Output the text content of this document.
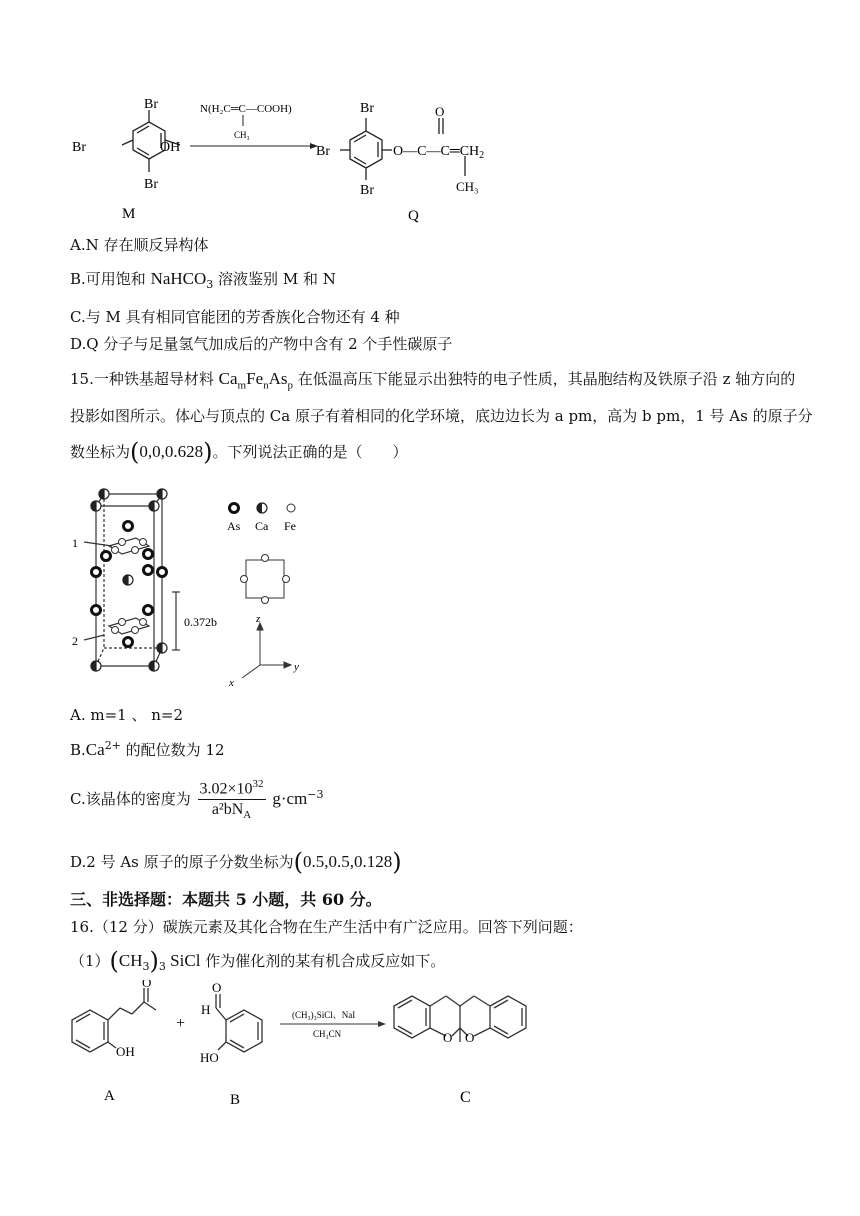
Br
Br
Br
OH
M
N(H₂C═C—COOH)
CH₃
Br
Br
Br
$O—C—C═CH_2$
O
CH₃
Q
A.N 存在顺反异构体
B.可用饱和 NaHCO$_3$ 溶液鉴别 M 和 N
C.与 M 具有相同官能团的芳香族化合物还有 4 种
D.Q 分子与足量氢气加成后的产物中含有 2 个手性碳原子
15.一种铁基超导材料 $Ca_mFe_nAs_p$ 在低温高压下能显示出独特的电子性质，其晶胞结构及铁原子沿 z 轴方向的
投影如图所示。体心与顶点的 Ca 原子有着相同的化学环境，底边边长为 a pm，高为 b pm，1 号 As 的原子分
数坐标为(0,0,0.628)。下列说法正确的是（　　）
1
2
0.372b
As Ca Fe
z
y
x
A. m=1 、 n=2
$B.Ca^{2+}$ 的配位数为 12
C.该晶体的密度为 $\frac{3.02\times 10^{32}}{a^2bN_A} g\cdot cm^{-3}$
D.2 号 As 原子的原子分数坐标为(0.5,0.5,0.128)
三、非选择题：本题共 5 小题，共 60 分。
16.（12 分）碳族元素及其化合物在生产生活中有广泛应用。回答下列问题：
$(1)(CH_3)_3$ SiCl 作为催化剂的某有机合成反应如下。
O
OH
A
+
O
H
HO
B
(CH₃)₃SiCl、NaI
CH₃CN	O O
C
